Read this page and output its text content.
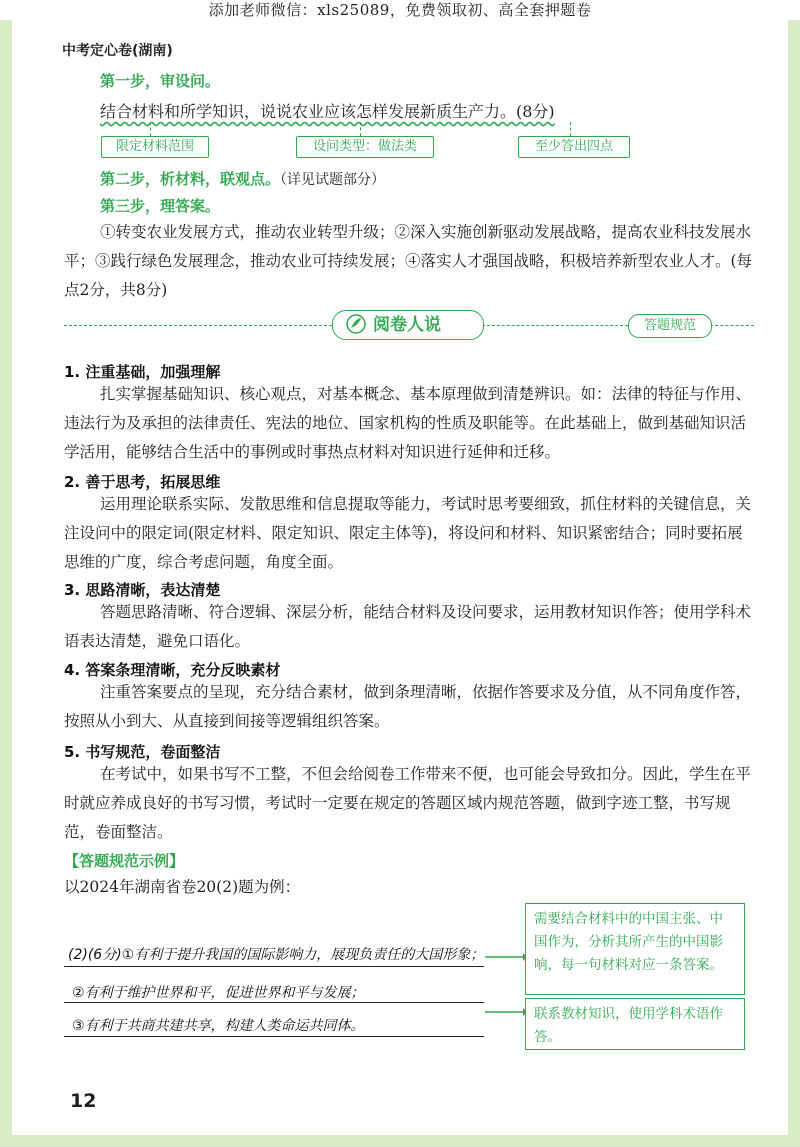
添加老师微信：xls25089，免费领取初、高全套押题卷
中考定心卷(湖南)
第一步，审设问。
结合材料和所学知识，说说农业应该怎样发展新质生产力。(8分)
限定材料范围	设问类型：做法类	至少答出四点
第二步，析材料，联观点。（详见试题部分）
第三步，理答案。

①转变农业发展方式，推动农业转型升级；②深入实施创新驱动发展战略，提高农业科技发展水平；③践行绿色发展理念，推动农业可持续发展；④落实人才强国战略，积极培养新型农业人才。(每点2分，共8分)

阅卷人说	答题规范
1. 注重基础，加强理解

扎实掌握基础知识、核心观点，对基本概念、基本原理做到清楚辨识。如：法律的特征与作用、违法行为及承担的法律责任、宪法的地位、国家机构的性质及职能等。在此基础上，做到基础知识活学活用，能够结合生活中的事例或时事热点材料对知识进行延伸和迁移。

2. 善于思考，拓展思维

运用理论联系实际、发散思维和信息提取等能力，考试时思考要细致，抓住材料的关键信息，关注设问中的限定词(限定材料、限定知识、限定主体等)，将设问和材料、知识紧密结合；同时要拓展思维的广度，综合考虑问题，角度全面。

3. 思路清晰，表达清楚

答题思路清晰、符合逻辑、深层分析，能结合材料及设问要求，运用教材知识作答；使用学科术语表达清楚，避免口语化。

4. 答案条理清晰，充分反映素材

注重答案要点的呈现，充分结合素材，做到条理清晰，依据作答要求及分值，从不同角度作答，按照从小到大、从直接到间接等逻辑组织答案。

5. 书写规范，卷面整洁

在考试中，如果书写不工整，不但会给阅卷工作带来不便，也可能会导致扣分。因此，学生在平时就应养成良好的书写习惯，考试时一定要在规定的答题区域内规范答题，做到字迹工整，书写规范，卷面整洁。

【答题规范示例】
以2024年湖南省卷20(2)题为例：
(2)(6分)①有利于提升我国的国际影响力，展现负责任的大国形象；
②有利于维护世界和平，促进世界和平与发展；
③有利于共商共建共享，构建人类命运共同体。
需要结合材料中的中国主张、中国作为，分析其所产生的中国影响，每一句材料对应一条答案。
联系教材知识，使用学科术语作答。
12
